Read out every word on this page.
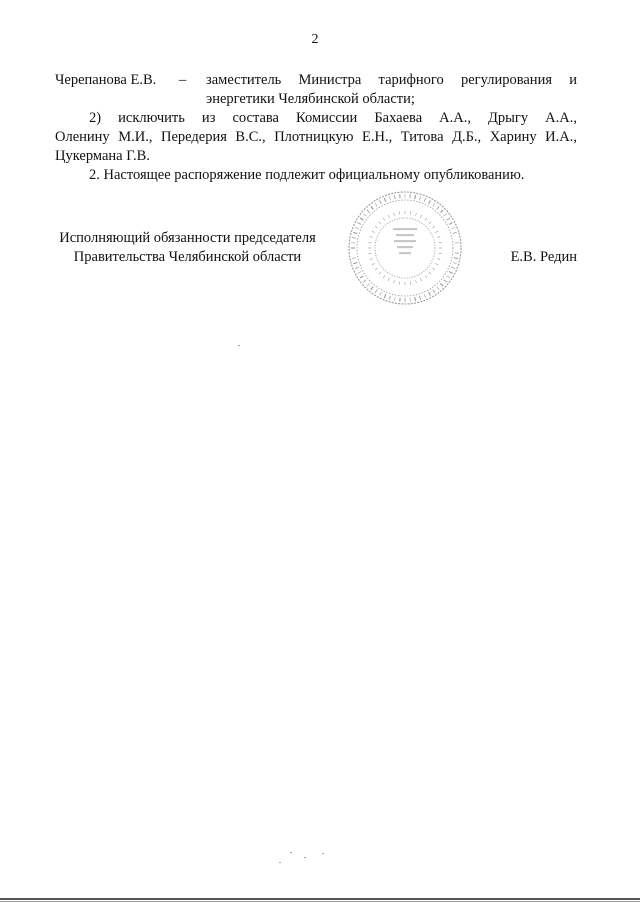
2
Черепанова Е.В. – заместитель Министра тарифного регулирования и
энергетики Челябинской области;
2) исключить из состава Комиссии Бахаева А.А., Дрыгу А.А.,
Оленину М.И., Передерия В.С., Плотницкую Е.Н., Титова Д.Б., Харину И.А.,
Цукермана Г.В.
2. Настоящее распоряжение подлежит официальному опубликованию.
Исполняющий обязанности председателя
Правительства Челябинской области	Е.В. Редин
